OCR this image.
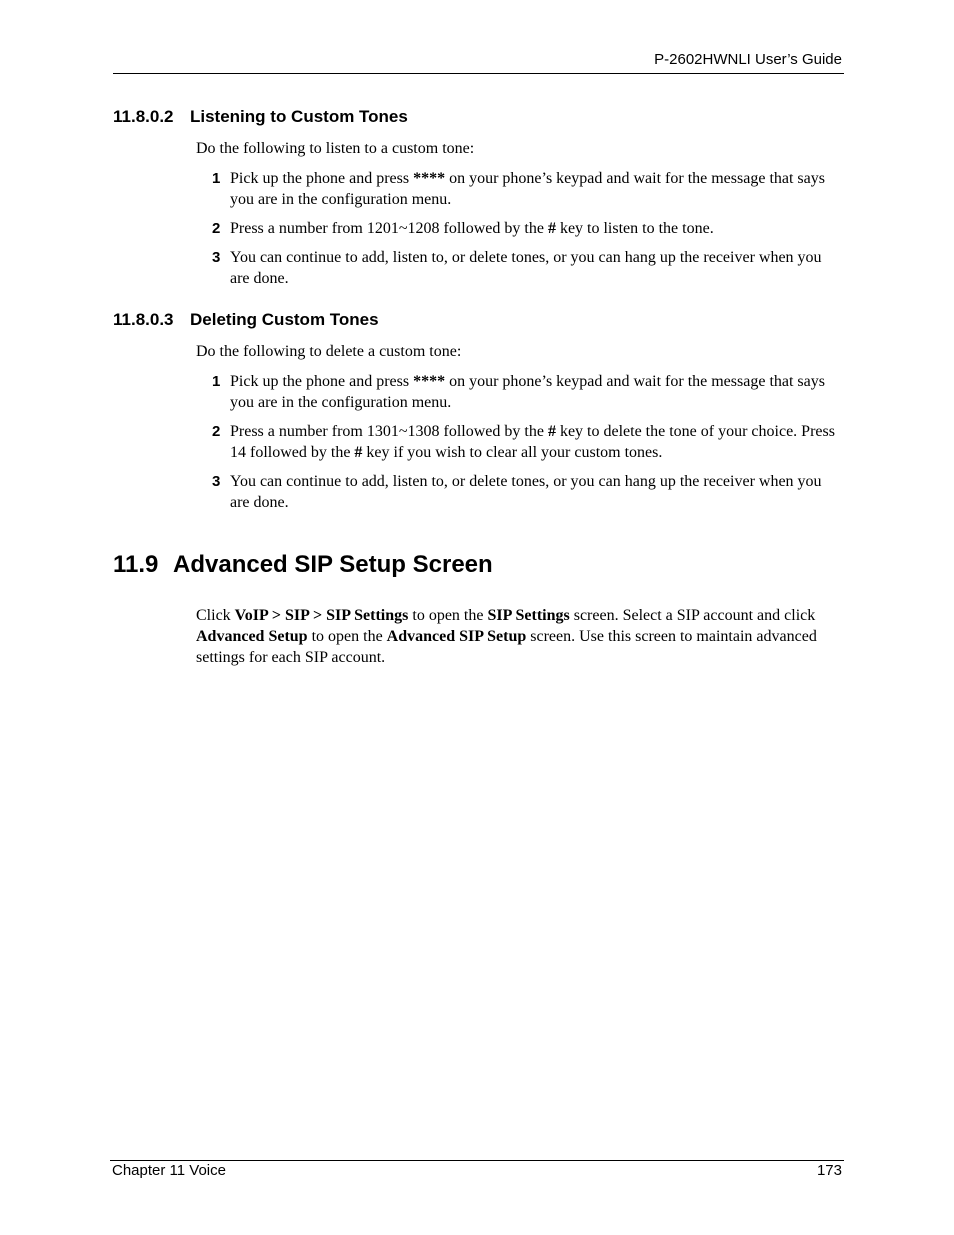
P-2602HWNLI User’s Guide
11.8.0.2 Listening to Custom Tones
Do the following to listen to a custom tone:
1 Pick up the phone and press **** on your phone’s keypad and wait for the message that says you are in the configuration menu.
2 Press a number from 1201~1208 followed by the # key to listen to the tone.
3 You can continue to add, listen to, or delete tones, or you can hang up the receiver when you are done.
11.8.0.3 Deleting Custom Tones
Do the following to delete a custom tone:
1 Pick up the phone and press **** on your phone’s keypad and wait for the message that says you are in the configuration menu.
2 Press a number from 1301~1308 followed by the # key to delete the tone of your choice. Press 14 followed by the # key if you wish to clear all your custom tones.
3 You can continue to add, listen to, or delete tones, or you can hang up the receiver when you are done.
11.9 Advanced SIP Setup Screen
Click VoIP > SIP > SIP Settings to open the SIP Settings screen. Select a SIP account and click Advanced Setup to open the Advanced SIP Setup screen. Use this screen to maintain advanced settings for each SIP account.
Chapter 11 Voice	173
